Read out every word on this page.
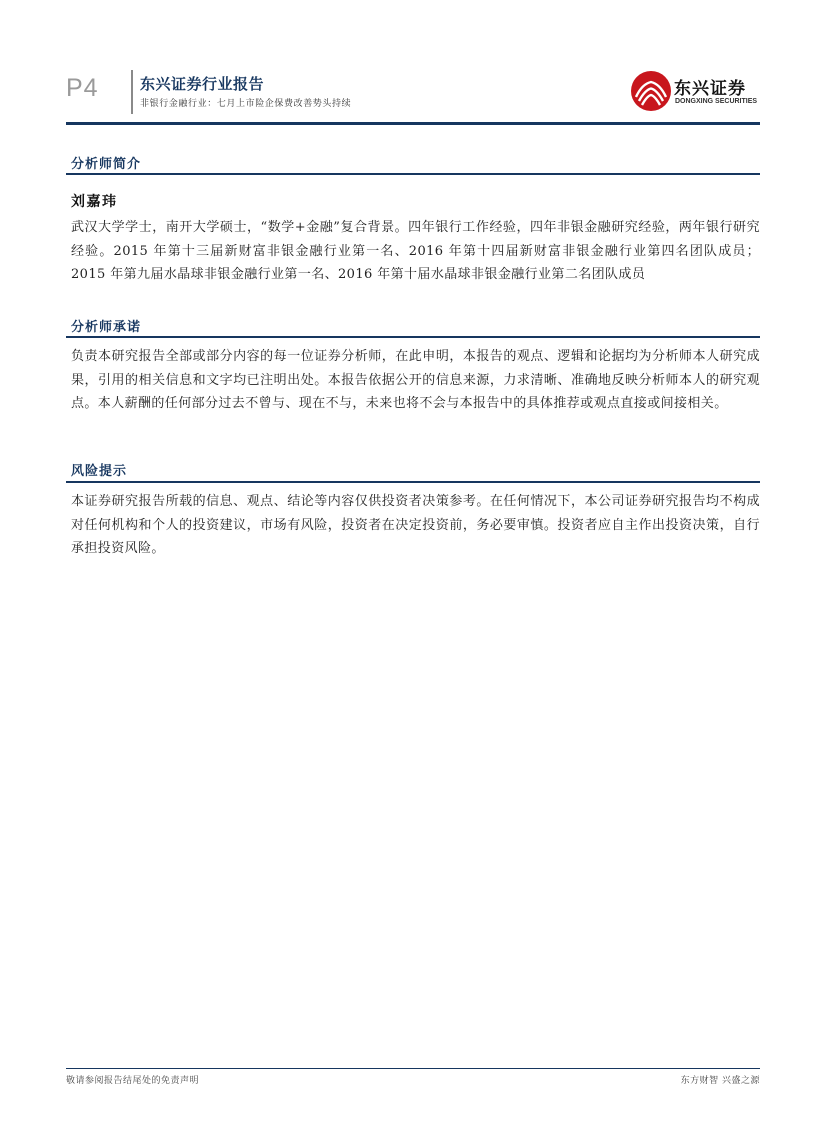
P4	东兴证券行业报告
非银行金融行业：七月上市险企保费改善势头持续
东兴证券
DONGXING SECURITIES
分析师简介
刘嘉玮

武汉大学学士，南开大学硕士，“数学+金融”复合背景。四年银行工作经验，四年非银金融研究经验，两年银行研究经验。2015 年第十三届新财富非银金融行业第一名、2016 年第十四届新财富非银金融行业第四名团队成员；2015 年第九届水晶球非银金融行业第一名、2016 年第十届水晶球非银金融行业第二名团队成员

分析师承诺

负责本研究报告全部或部分内容的每一位证券分析师，在此申明，本报告的观点、逻辑和论据均为分析师本人研究成果，引用的相关信息和文字均已注明出处。本报告依据公开的信息来源，力求清晰、准确地反映分析师本人的研究观点。本人薪酬的任何部分过去不曾与、现在不与，未来也将不会与本报告中的具体推荐或观点直接或间接相关。

风险提示

本证券研究报告所载的信息、观点、结论等内容仅供投资者决策参考。在任何情况下，本公司证券研究报告均不构成对任何机构和个人的投资建议，市场有风险，投资者在决定投资前，务必要审慎。投资者应自主作出投资决策，自行承担投资风险。

敬请参阅报告结尾处的免责声明	东方财智 兴盛之源
